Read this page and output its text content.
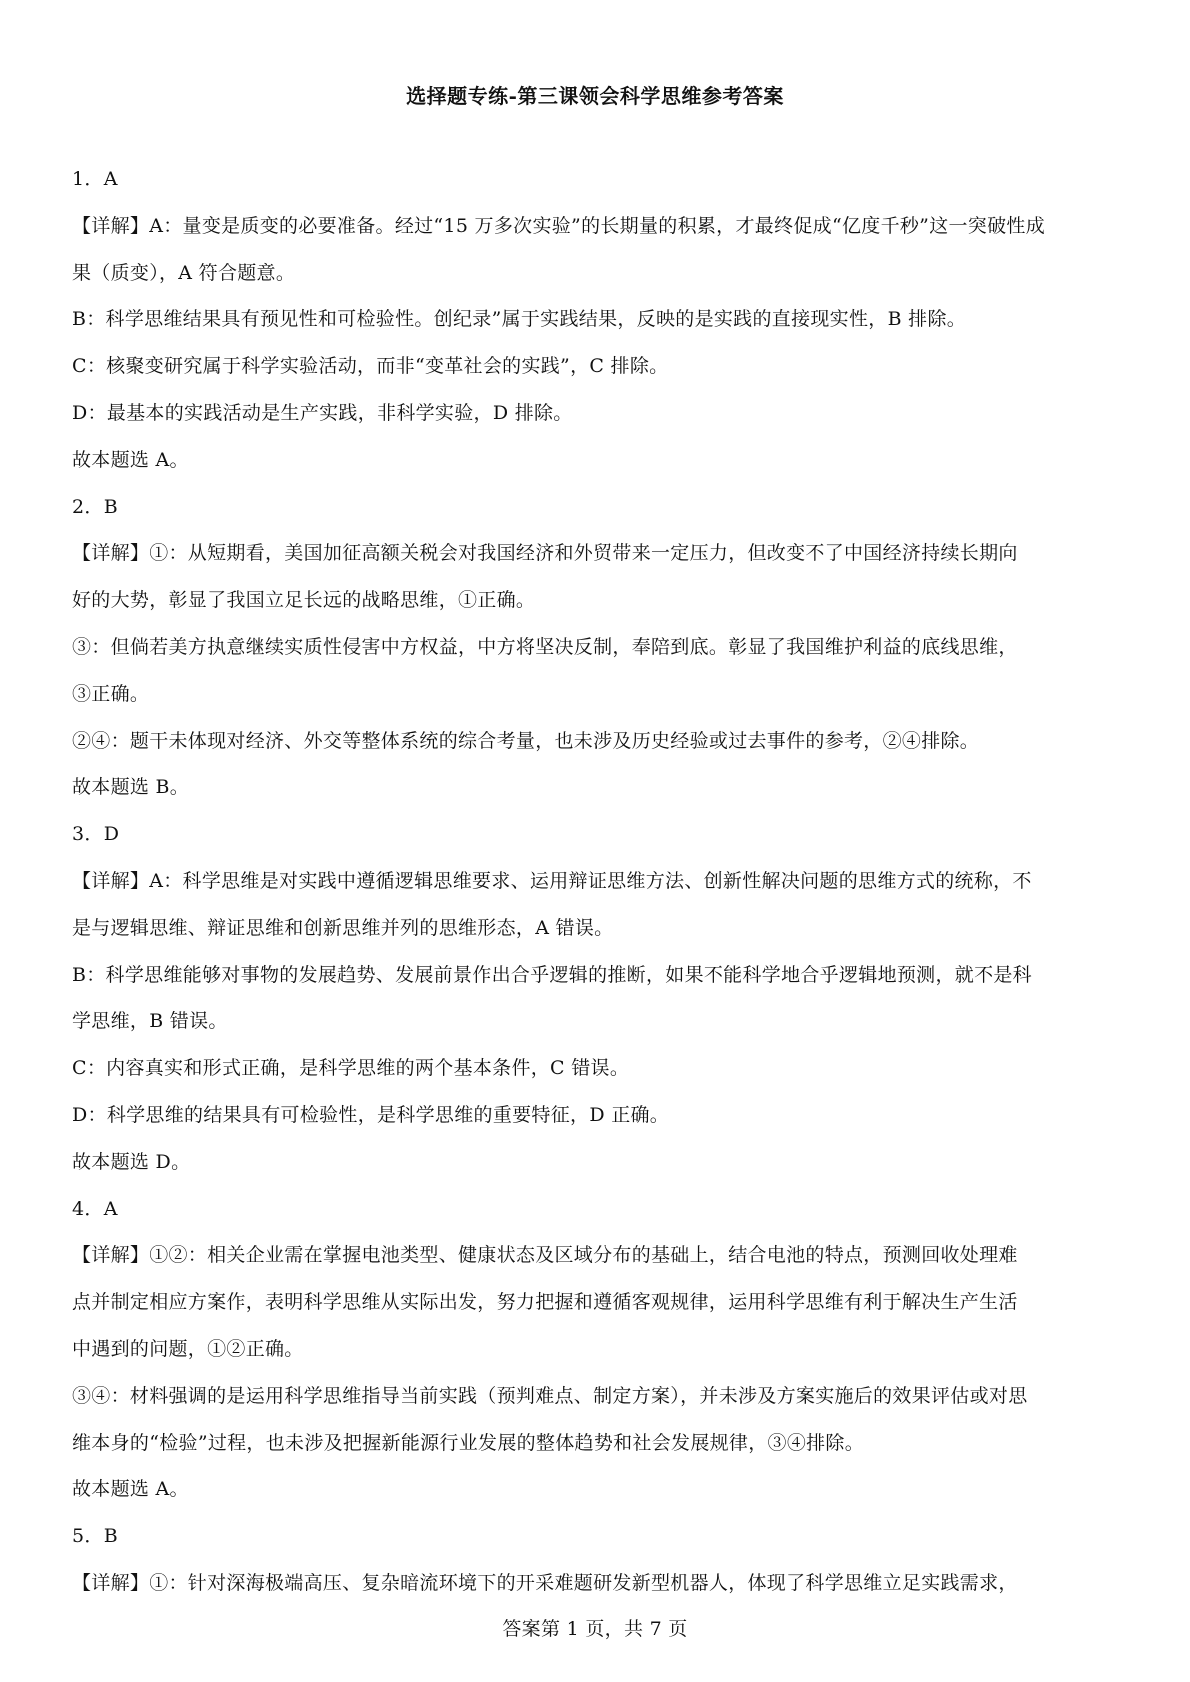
选择题专练-第三课领会科学思维参考答案
1．A
【详解】A：量变是质变的必要准备。经过“15 万多次实验”的长期量的积累，才最终促成“亿度千秒”这一突破性成
果（质变），A 符合题意。
B：科学思维结果具有预见性和可检验性。创纪录”属于实践结果，反映的是实践的直接现实性，B 排除。
C：核聚变研究属于科学实验活动，而非“变革社会的实践”，C 排除。
D：最基本的实践活动是生产实践，非科学实验，D 排除。
故本题选 A。
2．B
【详解】①：从短期看，美国加征高额关税会对我国经济和外贸带来一定压力，但改变不了中国经济持续长期向
好的大势，彰显了我国立足长远的战略思维，①正确。
③：但倘若美方执意继续实质性侵害中方权益，中方将坚决反制，奉陪到底。彰显了我国维护利益的底线思维，
③正确。
②④：题干未体现对经济、外交等整体系统的综合考量，也未涉及历史经验或过去事件的参考，②④排除。
故本题选 B。
3．D
【详解】A：科学思维是对实践中遵循逻辑思维要求、运用辩证思维方法、创新性解决问题的思维方式的统称，不
是与逻辑思维、辩证思维和创新思维并列的思维形态，A 错误。
B：科学思维能够对事物的发展趋势、发展前景作出合乎逻辑的推断，如果不能科学地合乎逻辑地预测，就不是科
学思维，B 错误。
C：内容真实和形式正确，是科学思维的两个基本条件，C 错误。
D：科学思维的结果具有可检验性，是科学思维的重要特征，D 正确。
故本题选 D。
4．A
【详解】①②：相关企业需在掌握电池类型、健康状态及区域分布的基础上，结合电池的特点，预测回收处理难
点并制定相应方案作，表明科学思维从实际出发，努力把握和遵循客观规律，运用科学思维有利于解决生产生活
中遇到的问题，①②正确。
③④：材料强调的是运用科学思维指导当前实践（预判难点、制定方案），并未涉及方案实施后的效果评估或对思
维本身的“检验”过程，也未涉及把握新能源行业发展的整体趋势和社会发展规律，③④排除。
故本题选 A。
5．B
【详解】①：针对深海极端高压、复杂暗流环境下的开采难题研发新型机器人，体现了科学思维立足实践需求，
答案第 1 页，共 7 页
